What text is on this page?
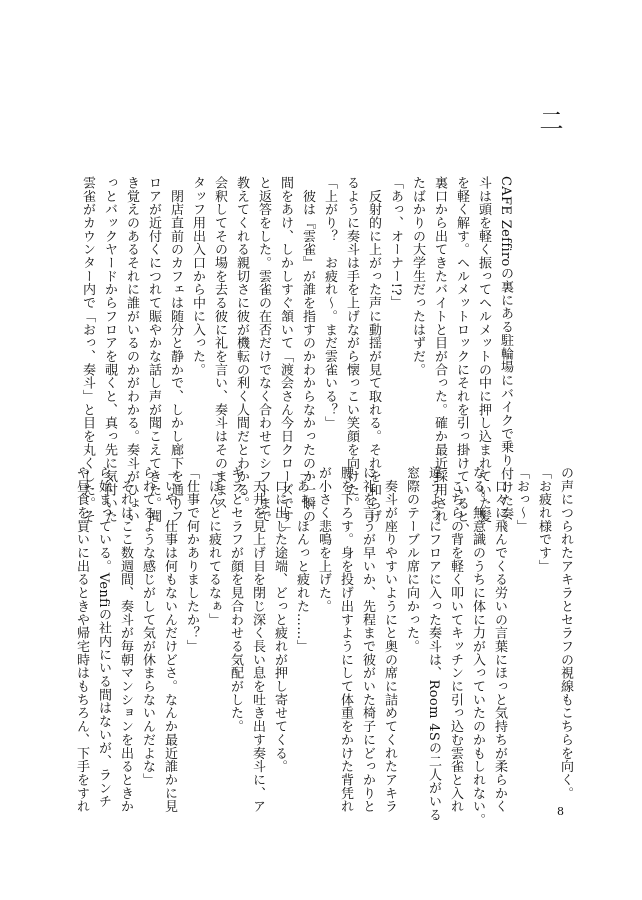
二
CAFE Zeffiroの裏にある駐輪場にバイクで乗り付けた奏
斗は頭を軽く振ってヘルメットの中に押し込まれていた髪
を軽く解す。ヘルメットロックにそれを引っ掛けていると、
裏口から出てきたバイトと目が合った。確か最近採用され
たばかりの大学生だったはずだ。
「あっ、オーナー!?」
　反射的に上がった声に動揺が見て取れる。それを和らげ
るように奏斗は手を上げながら懐っこい笑顔を向けた。
「上がり？　お疲れ～。まだ雲雀いる？」
　彼は『雲雀』が誰を指すのかわからなかったのか一瞬の
間をあけ、しかしすぐ頷いて「渡会さん今日クローズです」
と返答をした。雲雀の在否だけでなく合わせてシフトまで
教えてくれる親切さに彼が機転の利く人間だとわかる。
会釈してその場を去る彼に礼を言い、奏斗はそのままス
タッフ用出入口から中に入った。
　閉店直前のカフェは随分と静かで、しかし廊下を通りフ
ロアが近付くにつれて賑やかな話し声が聞こえてきた。聞
き覚えのあるそれに誰がいるのかがわかる。奏斗がひょい
っとバックヤードからフロアを覗くと、真っ先に気付いた
雲雀がカウンター内で「おっ、奏斗」と目を丸くした。そ
の声につられたアキラとセラフの視線もこちらを向く。
「お疲れ様です」
「おっ～」
　口々に飛んでくる労いの言葉にほっと気持ちが柔らかく
なる。無意識のうちに体に力が入っていたのかもしれない。
　こちらの背を軽く叩いてキッチンに引っ込む雲雀と入れ
違うようにフロアに入った奏斗は、Room 4Sの二人がいる
窓際のテーブル席に向かった。
　奏斗が座りやすいようにと奥の席に詰めてくれたアキラ
に礼を言うが早いか、先程まで彼がいた椅子にどっかりと
腰を下ろす。身を投げ出すようにして体重をかけた背凭れ
が小さく悲鳴を上げた。
「あぁ、ほんっと疲れた……」
　口に出した途端、どっと疲れが押し寄せてくる。
　天井を見上げ目を閉じ深く長い息を吐き出す奏斗に、ア
キラとセラフが顔を見合わせる気配がした。
「ほんとに疲れてるなぁ」
「仕事で何かありましたか？」
「いや、仕事は何もないんだけどさ。なんか最近誰かに見
られてるような感じがして気が休まらないんだよな」
　それはここ数週間、奏斗が毎朝マンションを出るときか
ら始まっている。Venfiの社内にいる間はないが、ランチ
や昼食を買いに出るときや帰宅時はもちろん、下手をすれ	8
